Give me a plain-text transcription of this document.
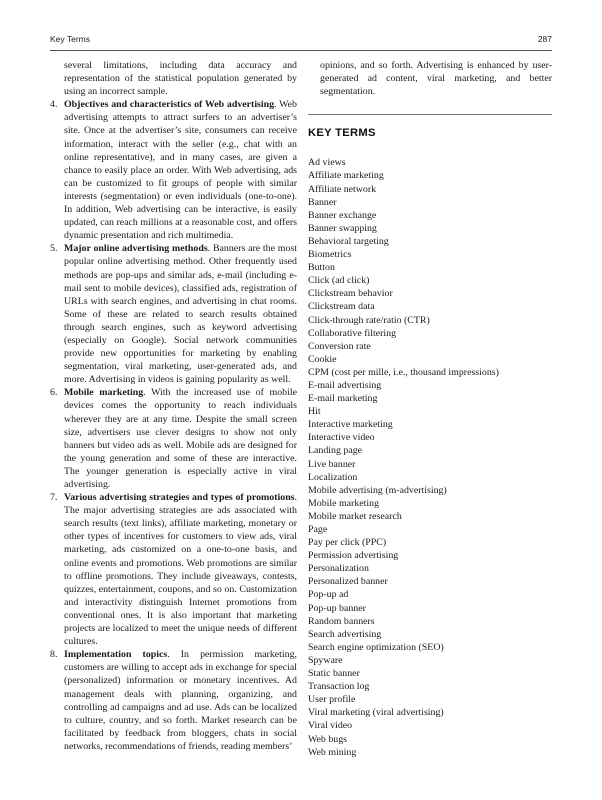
Key Terms	287

several limitations, including data accuracy and representation of the statistical population generated by using an incorrect sample.

4. Objectives and characteristics of Web advertising. Web advertising attempts to attract surfers to an advertiser’s site. Once at the advertiser’s site, consumers can receive information, interact with the seller (e.g., chat with an online representative), and in many cases, are given a chance to easily place an order. With Web advertising, ads can be customized to fit groups of people with similar interests (segmentation) or even individuals (one-to-one). In addition, Web advertising can be interactive, is easily updated, can reach millions at a reasonable cost, and offers dynamic presentation and rich multimedia.

5. Major online advertising methods. Banners are the most popular online advertising method. Other frequently used methods are pop-ups and similar ads, e-mail (including e-mail sent to mobile devices), classified ads, registration of URLs with search engines, and advertising in chat rooms. Some of these are related to search results obtained through search engines, such as keyword advertising (especially on Google). Social network communities provide new opportunities for marketing by enabling segmentation, viral marketing, user-generated ads, and more. Advertising in videos is gaining popularity as well.

6. Mobile marketing. With the increased use of mobile devices comes the opportunity to reach individuals wherever they are at any time. Despite the small screen size, advertisers use clever designs to show not only banners but video ads as well. Mobile ads are designed for the young generation and some of these are interactive. The younger generation is especially active in viral advertising.

7. Various advertising strategies and types of promotions. The major advertising strategies are ads associated with search results (text links), affiliate marketing, monetary or other types of incentives for customers to view ads, viral marketing, ads customized on a one-to-one basis, and online events and promotions. Web promotions are similar to offline promotions. They include giveaways, contests, quizzes, entertainment, coupons, and so on. Customization and interactivity distinguish Internet promotions from conventional ones. It is also important that marketing projects are localized to meet the unique needs of different cultures.

8. Implementation topics. In permission marketing, customers are willing to accept ads in exchange for special (personalized) information or monetary incentives. Ad management deals with planning, organizing, and controlling ad campaigns and ad use. Ads can be localized to culture, country, and so forth. Market research can be facilitated by feedback from bloggers, chats in social networks, recommendations of friends, reading members’

opinions, and so forth. Advertising is enhanced by user-generated ad content, viral marketing, and better segmentation.

KEY TERMS
Ad views
Affiliate marketing
Affiliate network
Banner
Banner exchange
Banner swapping
Behavioral targeting
Biometrics
Button
Click (ad click)
Clickstream behavior
Clickstream data
Click-through rate/ratio (CTR)
Collaborative filtering
Conversion rate
Cookie
CPM (cost per mille, i.e., thousand impressions)
E-mail advertising
E-mail marketing
Hit
Interactive marketing
Interactive video
Landing page
Live banner
Localization
Mobile advertising (m-advertising)
Mobile marketing
Mobile market research
Page
Pay per click (PPC)
Permission advertising
Personalization
Personalized banner
Pop-up ad
Pop-up banner
Random banners
Search advertising
Search engine optimization (SEO)
Spyware
Static banner
Transaction log
User profile
Viral marketing (viral advertising)
Viral video
Web bugs
Web mining
